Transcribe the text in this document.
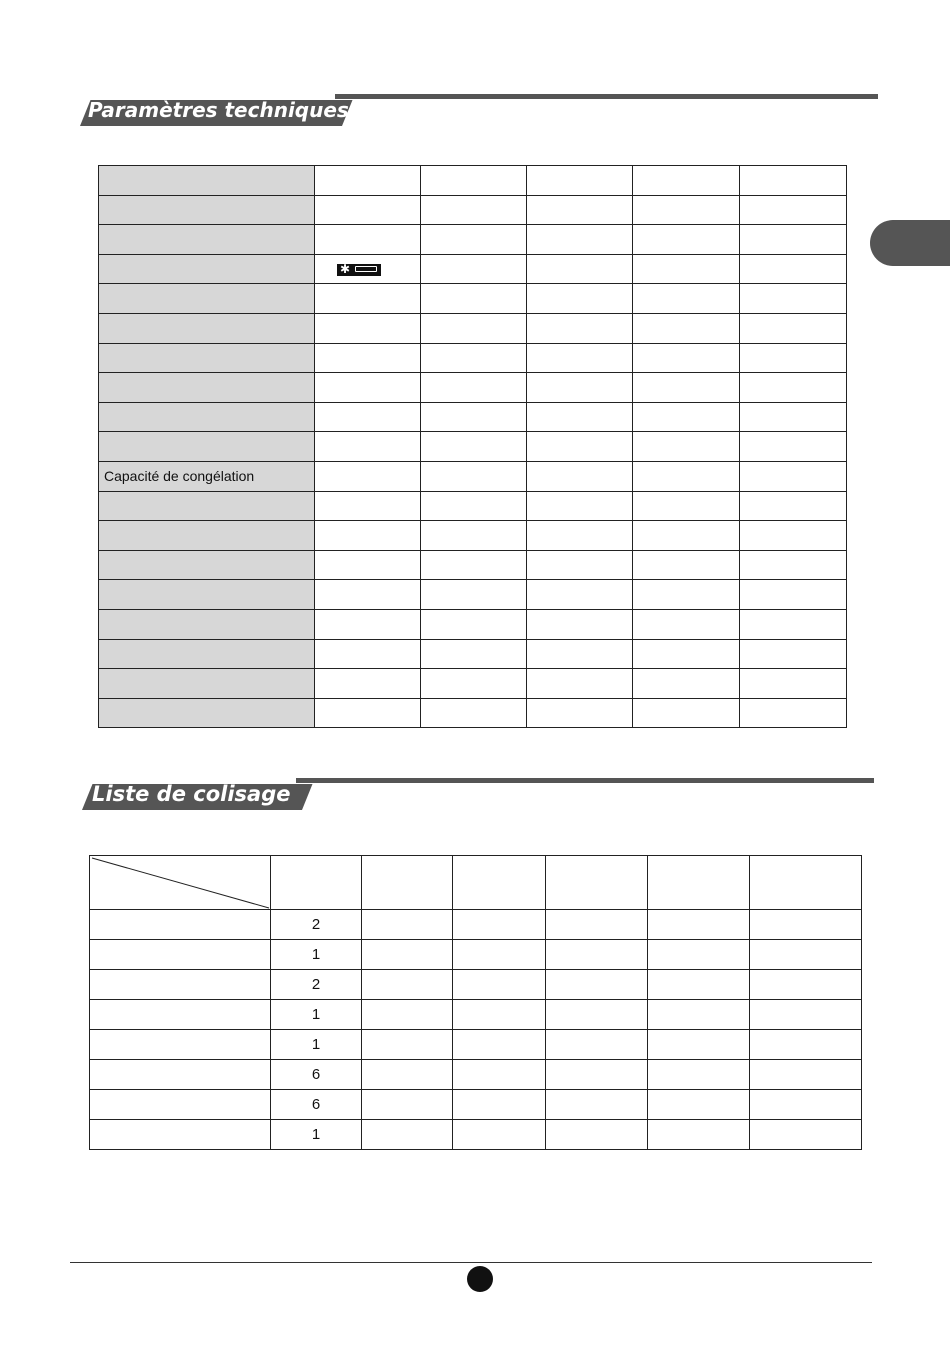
Paramètres techniques

	✱				

Capacité de congélation					

Liste de colisage

	2					
	1					
	2					
	1					
	1					
	6					
	6					
	1					
